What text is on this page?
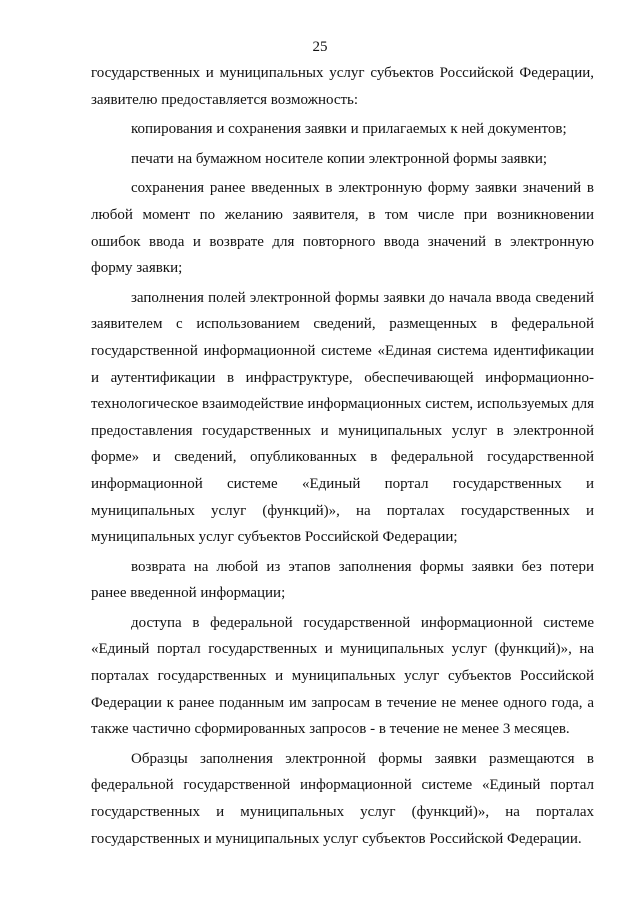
25

государственных и муниципальных услуг субъектов Российской Федерации, заявителю предоставляется возможность:

копирования и сохранения заявки и прилагаемых к ней документов;

печати на бумажном носителе копии электронной формы заявки;

сохранения ранее введенных в электронную форму заявки значений в любой момент по желанию заявителя, в том числе при возникновении ошибок ввода и возврате для повторного ввода значений в электронную форму заявки;

заполнения полей электронной формы заявки до начала ввода сведений заявителем с использованием сведений, размещенных в федеральной государственной информационной системе «Единая система идентификации и аутентификации в инфраструктуре, обеспечивающей информационно-технологическое взаимодействие информационных систем, используемых для предоставления государственных и муниципальных услуг в электронной форме» и сведений, опубликованных в федеральной государственной информационной системе «Единый портал государственных и муниципальных услуг (функций)», на порталах государственных и муниципальных услуг субъектов Российской Федерации;

возврата на любой из этапов заполнения формы заявки без потери ранее введенной информации;

доступа в федеральной государственной информационной системе «Единый портал государственных и муниципальных услуг (функций)», на порталах государственных и муниципальных услуг субъектов Российской Федерации к ранее поданным им запросам в течение не менее одного года, а также частично сформированных запросов - в течение не менее 3 месяцев.

Образцы заполнения электронной формы заявки размещаются в федеральной государственной информационной системе «Единый портал государственных и муниципальных услуг (функций)», на порталах государственных и муниципальных услуг субъектов Российской Федерации.
